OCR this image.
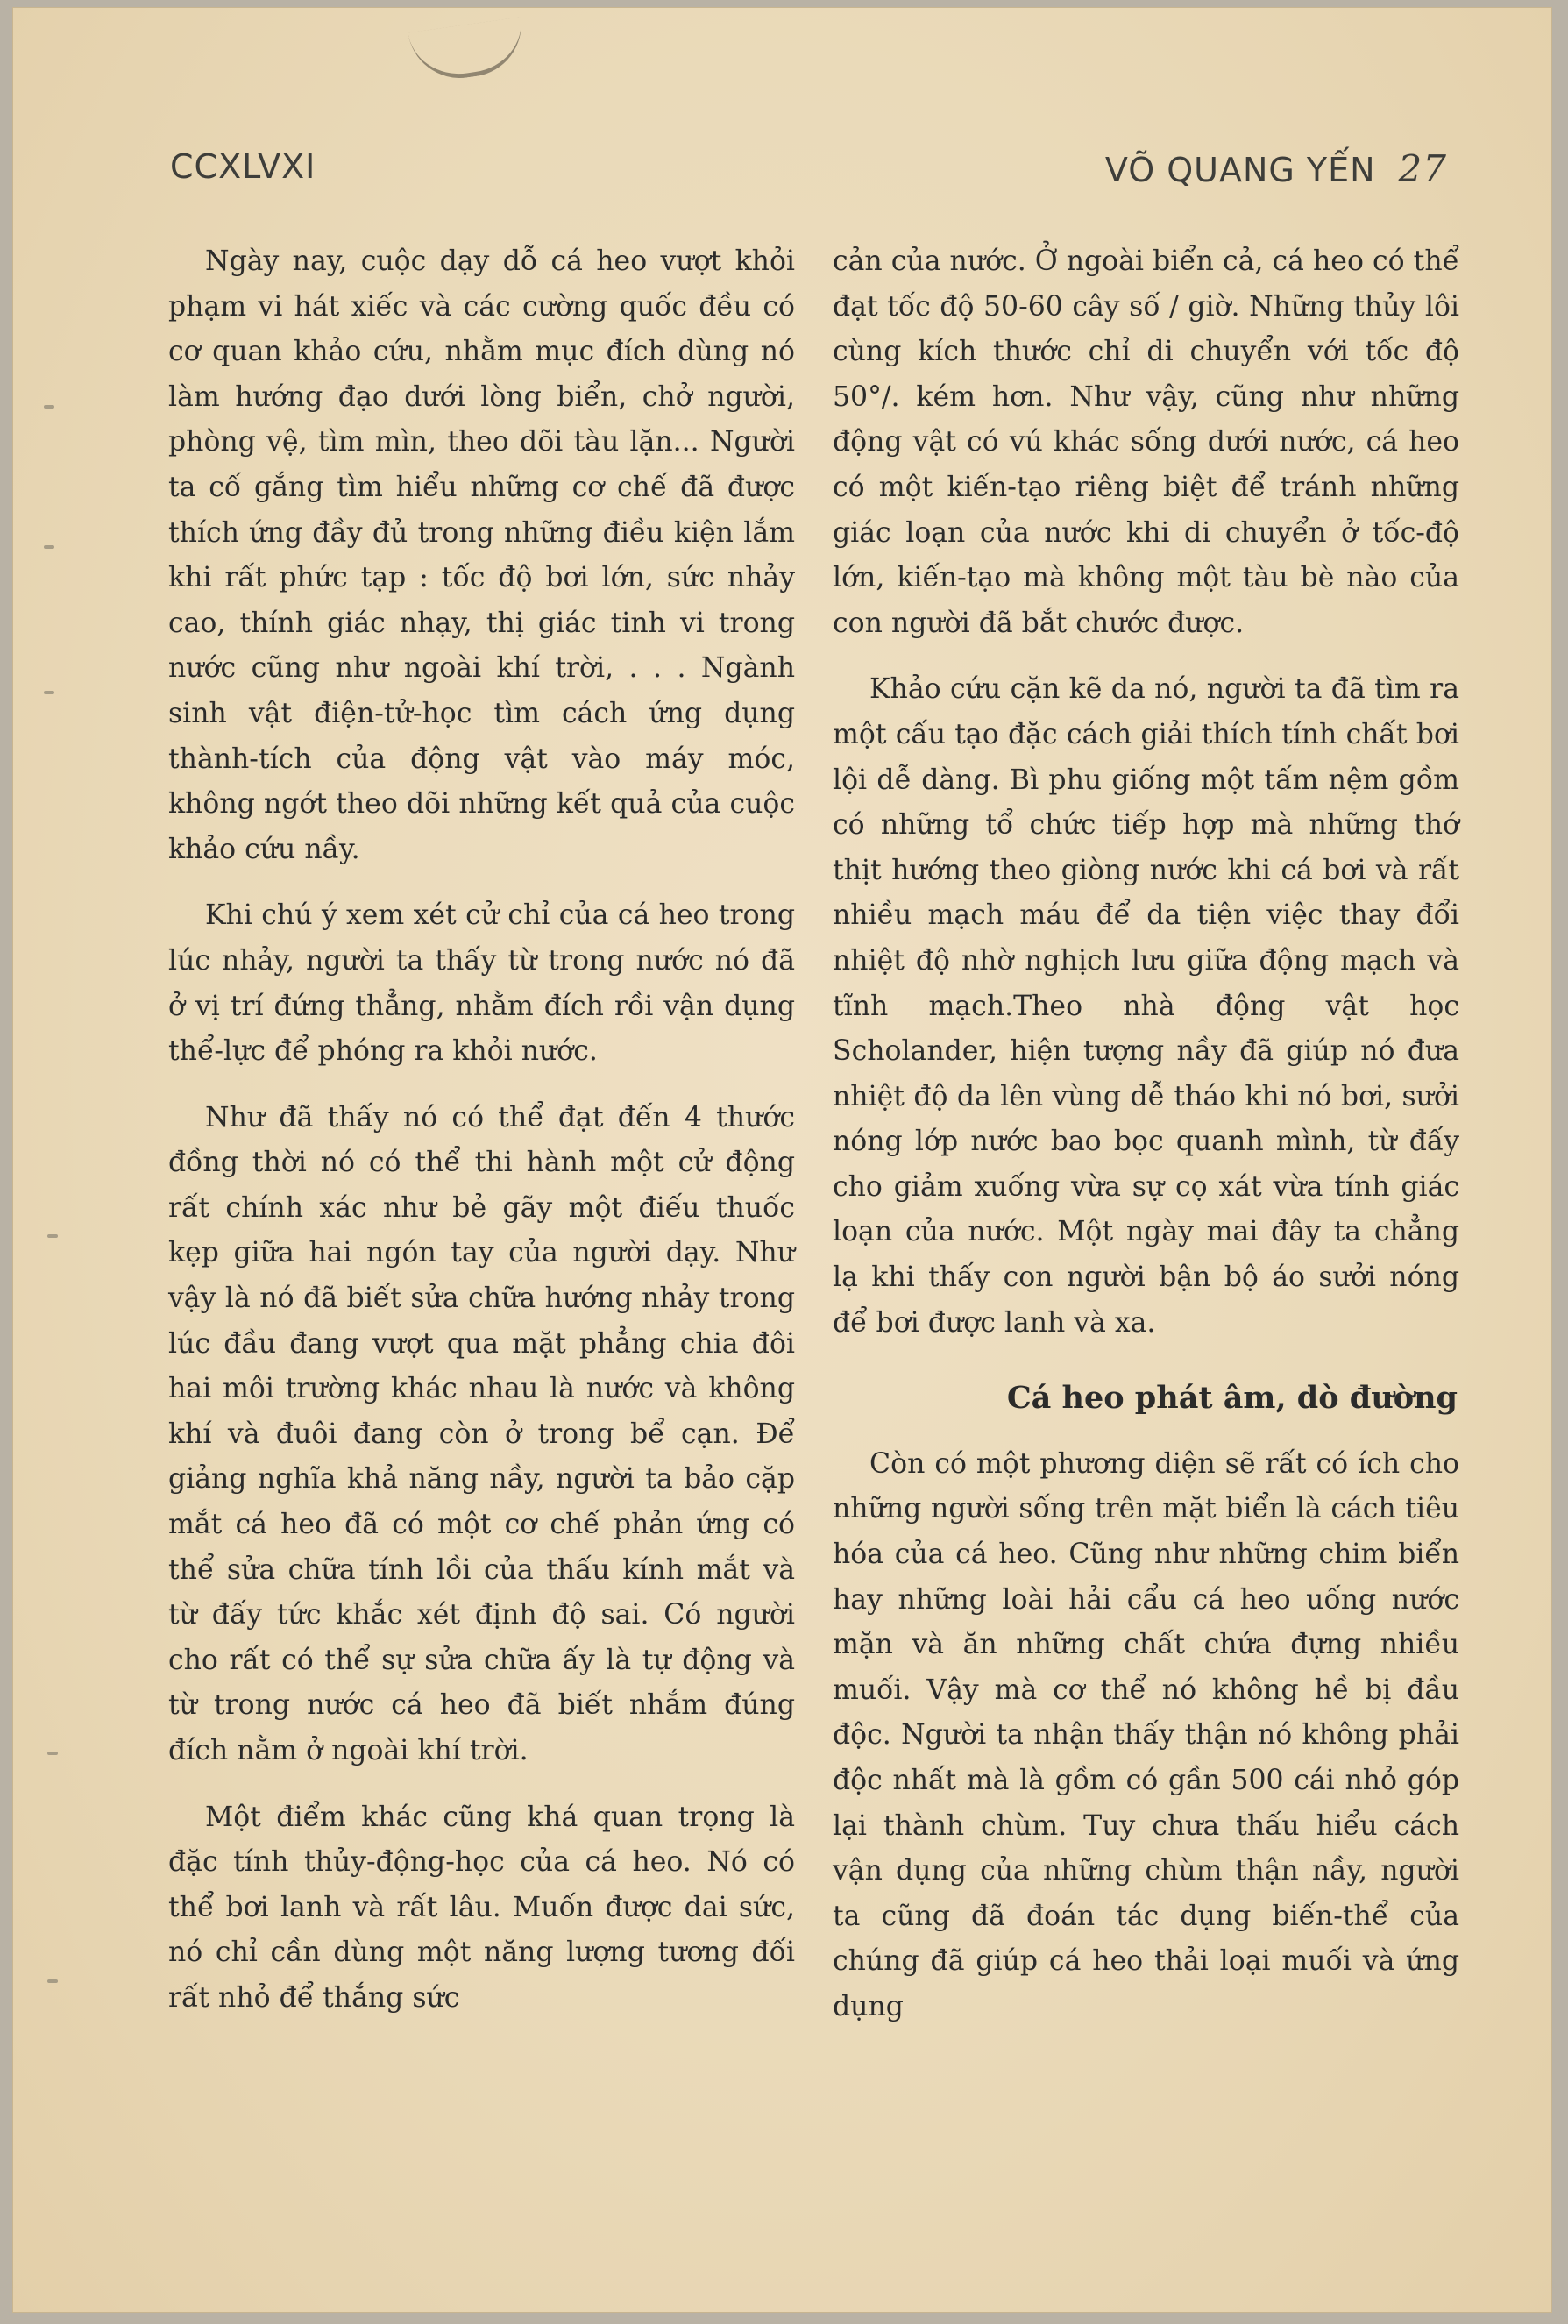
CCXLVXI	VÕ QUANG YẾN 27

Ngày nay, cuộc dạy dỗ cá heo vượt khỏi phạm vi hát xiếc và các cường quốc đều có cơ quan khảo cứu, nhằm mục đích dùng nó làm hướng đạo dưới lòng biển, chở người, phòng vệ, tìm mìn, theo dõi tàu lặn... Người ta cố gắng tìm hiểu những cơ chế đã được thích ứng đầy đủ trong những điều kiện lắm khi rất phức tạp : tốc độ bơi lớn, sức nhảy cao, thính giác nhạy, thị giác tinh vi trong nước cũng như ngoài khí trời, . . . Ngành sinh vật điện-tử-học tìm cách ứng dụng thành-tích của động vật vào máy móc, không ngớt theo dõi những kết quả của cuộc khảo cứu nầy.

Khi chú ý xem xét cử chỉ của cá heo trong lúc nhảy, người ta thấy từ trong nước nó đã ở vị trí đứng thẳng, nhằm đích rồi vận dụng thể-lực để phóng ra khỏi nước.

Như đã thấy nó có thể đạt đến 4 thước đồng thời nó có thể thi hành một cử động rất chính xác như bẻ gãy một điếu thuốc kẹp giữa hai ngón tay của người dạy. Như vậy là nó đã biết sửa chữa hướng nhảy trong lúc đầu đang vượt qua mặt phẳng chia đôi hai môi trường khác nhau là nước và không khí và đuôi đang còn ở trong bể cạn. Để giảng nghĩa khả năng nầy, người ta bảo cặp mắt cá heo đã có một cơ chế phản ứng có thể sửa chữa tính lồi của thấu kính mắt và từ đấy tức khắc xét định độ sai. Có người cho rất có thể sự sửa chữa ấy là tự động và từ trong nước cá heo đã biết nhắm đúng đích nằm ở ngoài khí trời.

Một điểm khác cũng khá quan trọng là đặc tính thủy-động-học của cá heo. Nó có thể bơi lanh và rất lâu. Muốn được dai sức, nó chỉ cần dùng một năng lượng tương đối rất nhỏ để thắng sức

cản của nước. Ở ngoài biển cả, cá heo có thể đạt tốc độ 50-60 cây số / giờ. Những thủy lôi cùng kích thước chỉ di chuyển với tốc độ 50°/. kém hơn. Như vậy, cũng như những động vật có vú khác sống dưới nước, cá heo có một kiến-tạo riêng biệt để tránh những giác loạn của nước khi di chuyển ở tốc-độ lớn, kiến-tạo mà không một tàu bè nào của con người đã bắt chước được.

Khảo cứu cặn kẽ da nó, người ta đã tìm ra một cấu tạo đặc cách giải thích tính chất bơi lội dễ dàng. Bì phu giống một tấm nệm gồm có những tổ chức tiếp hợp mà những thớ thịt hướng theo giòng nước khi cá bơi và rất nhiều mạch máu để da tiện việc thay đổi nhiệt độ nhờ nghịch lưu giữa động mạch và tĩnh mạch.Theo nhà động vật học Scholander, hiện tượng nầy đã giúp nó đưa nhiệt độ da lên vùng dễ tháo khi nó bơi, sưởi nóng lớp nước bao bọc quanh mình, từ đấy cho giảm xuống vừa sự cọ xát vừa tính giác loạn của nước. Một ngày mai đây ta chẳng lạ khi thấy con người bận bộ áo sưởi nóng để bơi được lanh và xa.

Cá heo phát âm, dò đường

Còn có một phương diện sẽ rất có ích cho những người sống trên mặt biển là cách tiêu hóa của cá heo. Cũng như những chim biển hay những loài hải cẩu cá heo uống nước mặn và ăn những chất chứa đựng nhiều muối. Vậy mà cơ thể nó không hề bị đầu độc. Người ta nhận thấy thận nó không phải độc nhất mà là gồm có gần 500 cái nhỏ góp lại thành chùm. Tuy chưa thấu hiểu cách vận dụng của những chùm thận nầy, người ta cũng đã đoán tác dụng biến-thể của chúng đã giúp cá heo thải loại muối và ứng dụng
